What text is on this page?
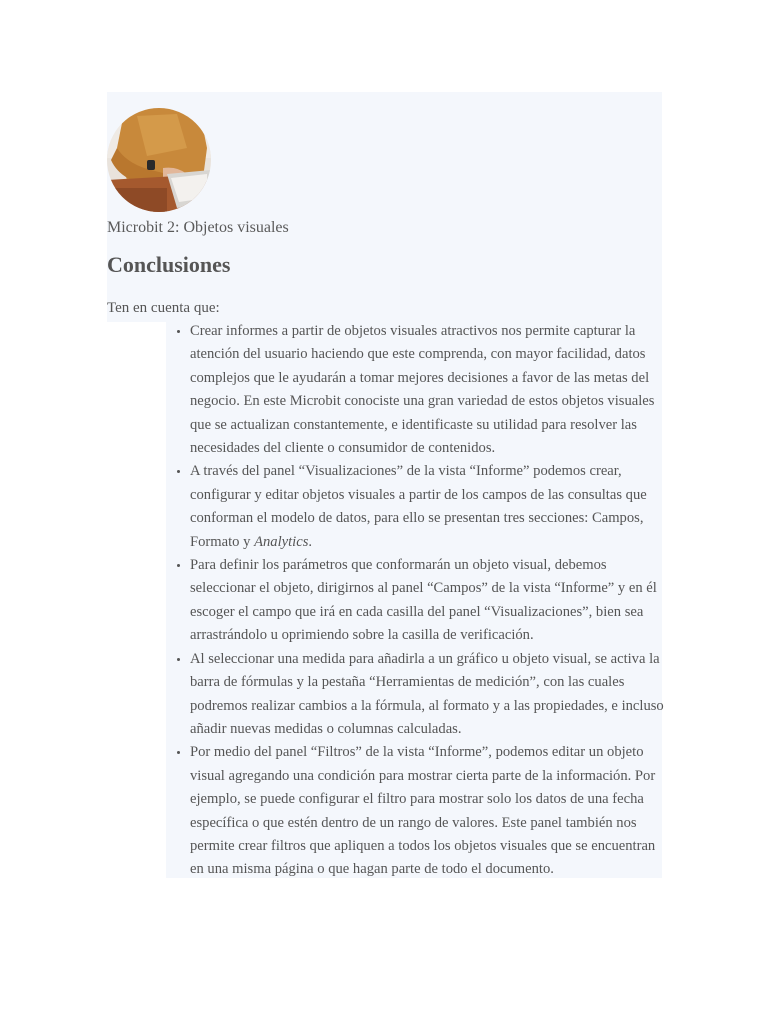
Microbit 2: Objetos visuales

Conclusiones

Ten en cuenta que:

• Crear informes a partir de objetos visuales atractivos nos permite capturar la atención del usuario haciendo que este comprenda, con mayor facilidad, datos complejos que le ayudarán a tomar mejores decisiones a favor de las metas del negocio. En este Microbit conociste una gran variedad de estos objetos visuales que se actualizan constantemente, e identificaste su utilidad para resolver las necesidades del cliente o consumidor de contenidos.
• A través del panel “Visualizaciones” de la vista “Informe” podemos crear, configurar y editar objetos visuales a partir de los campos de las consultas que conforman el modelo de datos, para ello se presentan tres secciones: Campos, Formato y Analytics.
• Para definir los parámetros que conformarán un objeto visual, debemos seleccionar el objeto, dirigirnos al panel “Campos” de la vista “Informe” y en él escoger el campo que irá en cada casilla del panel “Visualizaciones”, bien sea arrastrándolo u oprimiendo sobre la casilla de verificación.
• Al seleccionar una medida para añadirla a un gráfico u objeto visual, se activa la barra de fórmulas y la pestaña “Herramientas de medición”, con las cuales podremos realizar cambios a la fórmula, al formato y a las propiedades, e incluso añadir nuevas medidas o columnas calculadas.
• Por medio del panel “Filtros” de la vista “Informe”, podemos editar un objeto visual agregando una condición para mostrar cierta parte de la información. Por ejemplo, se puede configurar el filtro para mostrar solo los datos de una fecha específica o que estén dentro de un rango de valores. Este panel también nos permite crear filtros que apliquen a todos los objetos visuales que se encuentran en una misma página o que hagan parte de todo el documento.
